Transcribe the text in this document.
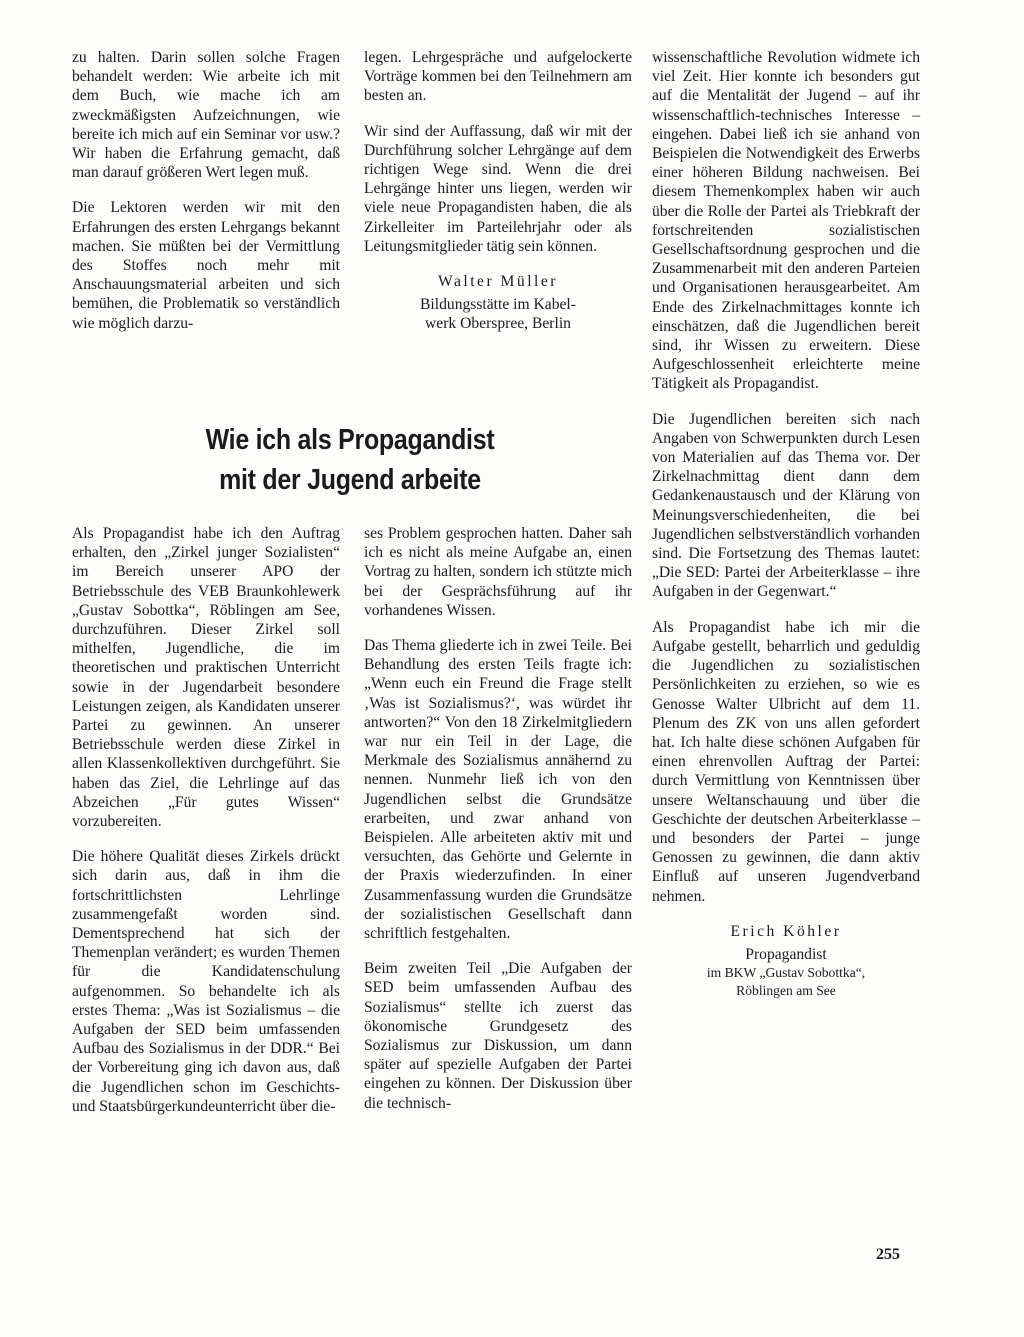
zu halten. Darin sollen solche Fragen behandelt werden: Wie arbeite ich mit dem Buch, wie mache ich am zweckmäßigsten Aufzeichnungen, wie bereite ich mich auf ein Seminar vor usw.? Wir haben die Erfahrung gemacht, daß man darauf größeren Wert legen muß.

Die Lektoren werden wir mit den Erfahrungen des ersten Lehrgangs bekannt machen. Sie müßten bei der Vermittlung des Stoffes noch mehr mit Anschauungsmaterial arbeiten und sich bemühen, die Problematik so verständlich wie möglich darzu-

legen. Lehrgespräche und aufgelockerte Vorträge kommen bei den Teilnehmern am besten an.

Wir sind der Auffassung, daß wir mit der Durchführung solcher Lehrgänge auf dem richtigen Wege sind. Wenn die drei Lehrgänge hinter uns liegen, werden wir viele neue Propagandisten haben, die als Zirkelleiter im Parteilehrjahr oder als Leitungsmitglieder tätig sein können.

Walter Müller

Bildungsstätte im Kabel-

werk Oberspree, Berlin

Wie ich als Propagandist
mit der Jugend arbeite

Als Propagandist habe ich den Auftrag erhalten, den „Zirkel junger Sozialisten“ im Bereich unserer APO der Betriebsschule des VEB Braunkohlewerk „Gustav Sobottka“, Röblingen am See, durchzuführen. Dieser Zirkel soll mithelfen, Jugendliche, die im theoretischen und praktischen Unterricht sowie in der Jugendarbeit besondere Leistungen zeigen, als Kandidaten unserer Partei zu gewinnen. An unserer Betriebsschule werden diese Zirkel in allen Klassenkollektiven durchgeführt. Sie haben das Ziel, die Lehrlinge auf das Abzeichen „Für gutes Wissen“ vorzubereiten.

Die höhere Qualität dieses Zirkels drückt sich darin aus, daß in ihm die fortschrittlichsten Lehrlinge zusammengefaßt worden sind. Dementsprechend hat sich der Themenplan verändert; es wurden Themen für die Kandidatenschulung aufgenommen. So behandelte ich als erstes Thema: „Was ist Sozialismus – die Aufgaben der SED beim umfassenden Aufbau des Sozialismus in der DDR.“ Bei der Vorbereitung ging ich davon aus, daß die Jugendlichen schon im Geschichts- und Staatsbürgerkundeunterricht über die-

ses Problem gesprochen hatten. Daher sah ich es nicht als meine Aufgabe an, einen Vortrag zu halten, sondern ich stützte mich bei der Gesprächsführung auf ihr vorhandenes Wissen.

Das Thema gliederte ich in zwei Teile. Bei Behandlung des ersten Teils fragte ich: „Wenn euch ein Freund die Frage stellt ‚Was ist Sozialismus?‘, was würdet ihr antworten?“ Von den 18 Zirkelmitgliedern war nur ein Teil in der Lage, die Merkmale des Sozialismus annähernd zu nennen. Nunmehr ließ ich von den Jugendlichen selbst die Grundsätze erarbeiten, und zwar anhand von Beispielen. Alle arbeiteten aktiv mit und versuchten, das Gehörte und Gelernte in der Praxis wiederzufinden. In einer Zusammenfassung wurden die Grundsätze der sozialistischen Gesellschaft dann schriftlich festgehalten.

Beim zweiten Teil „Die Aufgaben der SED beim umfassenden Aufbau des Sozialismus“ stellte ich zuerst das ökonomische Grundgesetz des Sozialismus zur Diskussion, um dann später auf spezielle Aufgaben der Partei eingehen zu können. Der Diskussion über die technisch-

wissenschaftliche Revolution widmete ich viel Zeit. Hier konnte ich besonders gut auf die Mentalität der Jugend – auf ihr wissenschaftlich-technisches Interesse – eingehen. Dabei ließ ich sie anhand von Beispielen die Notwendigkeit des Erwerbs einer höheren Bildung nachweisen. Bei diesem Themenkomplex haben wir auch über die Rolle der Partei als Triebkraft der fortschreitenden sozialistischen Gesellschaftsordnung gesprochen und die Zusammenarbeit mit den anderen Parteien und Organisationen herausgearbeitet. Am Ende des Zirkelnachmittages konnte ich einschätzen, daß die Jugendlichen bereit sind, ihr Wissen zu erweitern. Diese Aufgeschlossenheit erleichterte meine Tätigkeit als Propagandist.

Die Jugendlichen bereiten sich nach Angaben von Schwerpunkten durch Lesen von Materialien auf das Thema vor. Der Zirkelnachmittag dient dann dem Gedankenaustausch und der Klärung von Meinungsverschiedenheiten, die bei Jugendlichen selbstverständlich vorhanden sind. Die Fortsetzung des Themas lautet: „Die SED: Partei der Arbeiterklasse – ihre Aufgaben in der Gegenwart.“

Als Propagandist habe ich mir die Aufgabe gestellt, beharrlich und geduldig die Jugendlichen zu sozialistischen Persönlichkeiten zu erziehen, so wie es Genosse Walter Ulbricht auf dem 11. Plenum des ZK von uns allen gefordert hat. Ich halte diese schönen Aufgaben für einen ehrenvollen Auftrag der Partei: durch Vermittlung von Kenntnissen über unsere Weltanschauung und über die Geschichte der deutschen Arbeiterklasse – und besonders der Partei – junge Genossen zu gewinnen, die dann aktiv Einfluß auf unseren Jugendverband nehmen.

Erich Köhler

Propagandist

im BKW „Gustav Sobottka“,

Röblingen am See

255
